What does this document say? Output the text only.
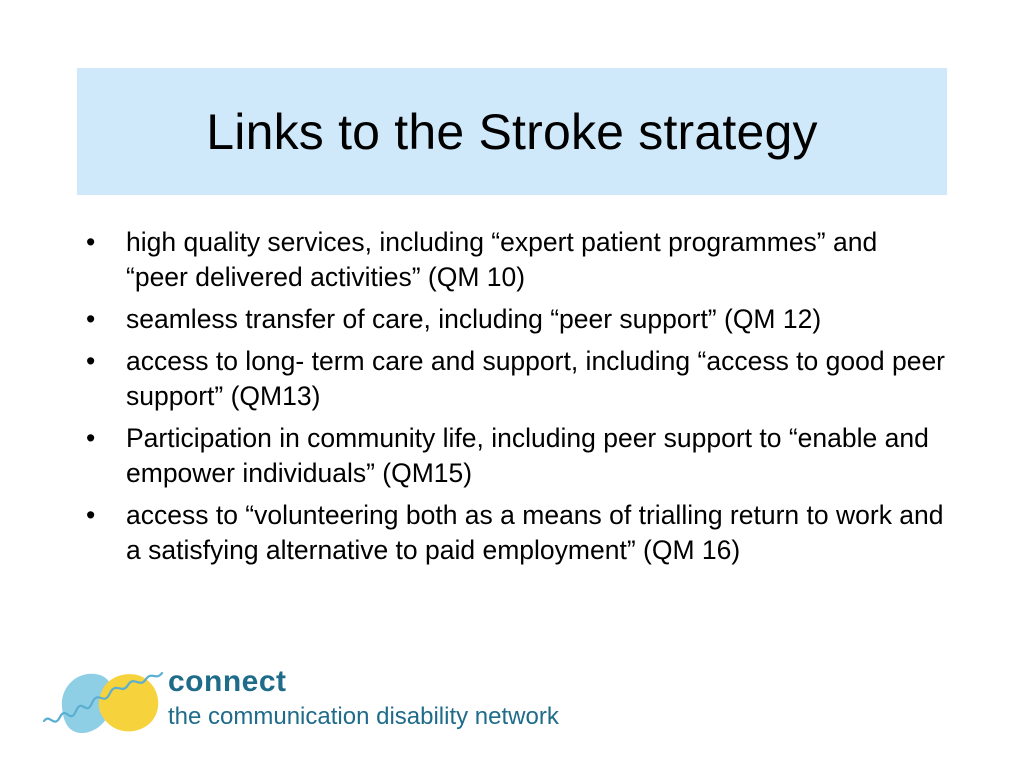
Links to the Stroke strategy
•	high quality services, including “expert patient programmes” and “peer delivered activities” (QM 10)
•	seamless transfer of care, including “peer support” (QM 12)
•	access to long- term care and support, including “access to good peer support” (QM13)
•	Participation in community life, including peer support to “enable and empower individuals” (QM15)
•	access to “volunteering both as a means of trialling return to work and a satisfying alternative to paid employment” (QM 16)
connect
the communication disability network
